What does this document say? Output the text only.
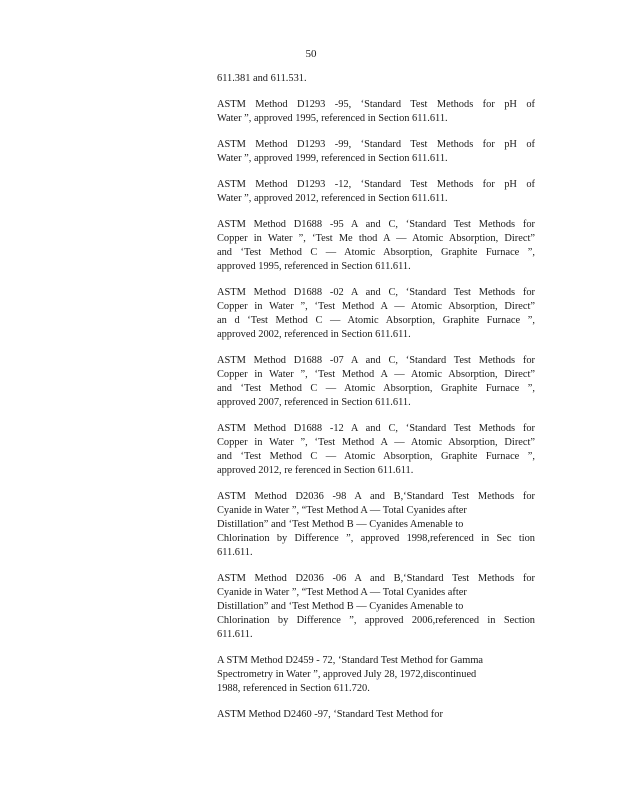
50

611.381 and 611.531.

ASTM Method D1293 -95, ‘Standard Test Methods for pH of
Water ”, approved 1995, referenced in Section 611.611.

ASTM Method D1293 -99, ‘Standard Test Methods for pH of
Water ”, approved 1999, referenced in Section 611.611.

ASTM Method D1293 -12, ‘Standard Test Methods for pH of
Water ”, approved 2012, referenced in Section 611.611.

ASTM Method D1688 -95 A and C, ‘Standard Test Methods for
Copper in Water ”, ‘Test Me thod A — Atomic Absorption, Direct”
and ‘Test Method C — Atomic Absorption, Graphite Furnace ”,
approved 1995, referenced in Section 611.611.

ASTM Method D1688 -02 A and C, ‘Standard Test Methods for
Copper in Water ”, ‘Test Method A — Atomic Absorption, Direct”
an d ‘Test Method C — Atomic Absorption, Graphite Furnace ”,
approved 2002, referenced in Section 611.611.

ASTM Method D1688 -07 A and C, ‘Standard Test Methods for
Copper in Water ”, ‘Test Method A — Atomic Absorption, Direct”
and ‘Test Method C — Atomic Absorption, Graphite Furnace ”,
approved 2007, referenced in Section 611.611.

ASTM Method D1688 -12 A and C, ‘Standard Test Methods for
Copper in Water ”, ‘Test Method A — Atomic Absorption, Direct”
and ‘Test Method C — Atomic Absorption, Graphite Furnace ”,
approved 2012, re ferenced in Section 611.611.

ASTM Method D2036 -98 A and B,‘Standard Test Methods for
Cyanide in Water ”, “Test Method A — Total Cyanides after
Distillation” and ‘Test Method B — Cyanides Amenable to
Chlorination by Difference ”, approved 1998,referenced in Sec tion
611.611.

ASTM Method D2036 -06 A and B,‘Standard Test Methods for
Cyanide in Water ”, “Test Method A — Total Cyanides after
Distillation” and ‘Test Method B — Cyanides Amenable to
Chlorination by Difference ”, approved 2006,referenced in Section
611.611.

A STM Method D2459 - 72, ‘Standard Test Method for Gamma
Spectrometry in Water ”, approved July 28, 1972,discontinued
1988, referenced in Section 611.720.

ASTM Method D2460 -97, ‘Standard Test Method for
